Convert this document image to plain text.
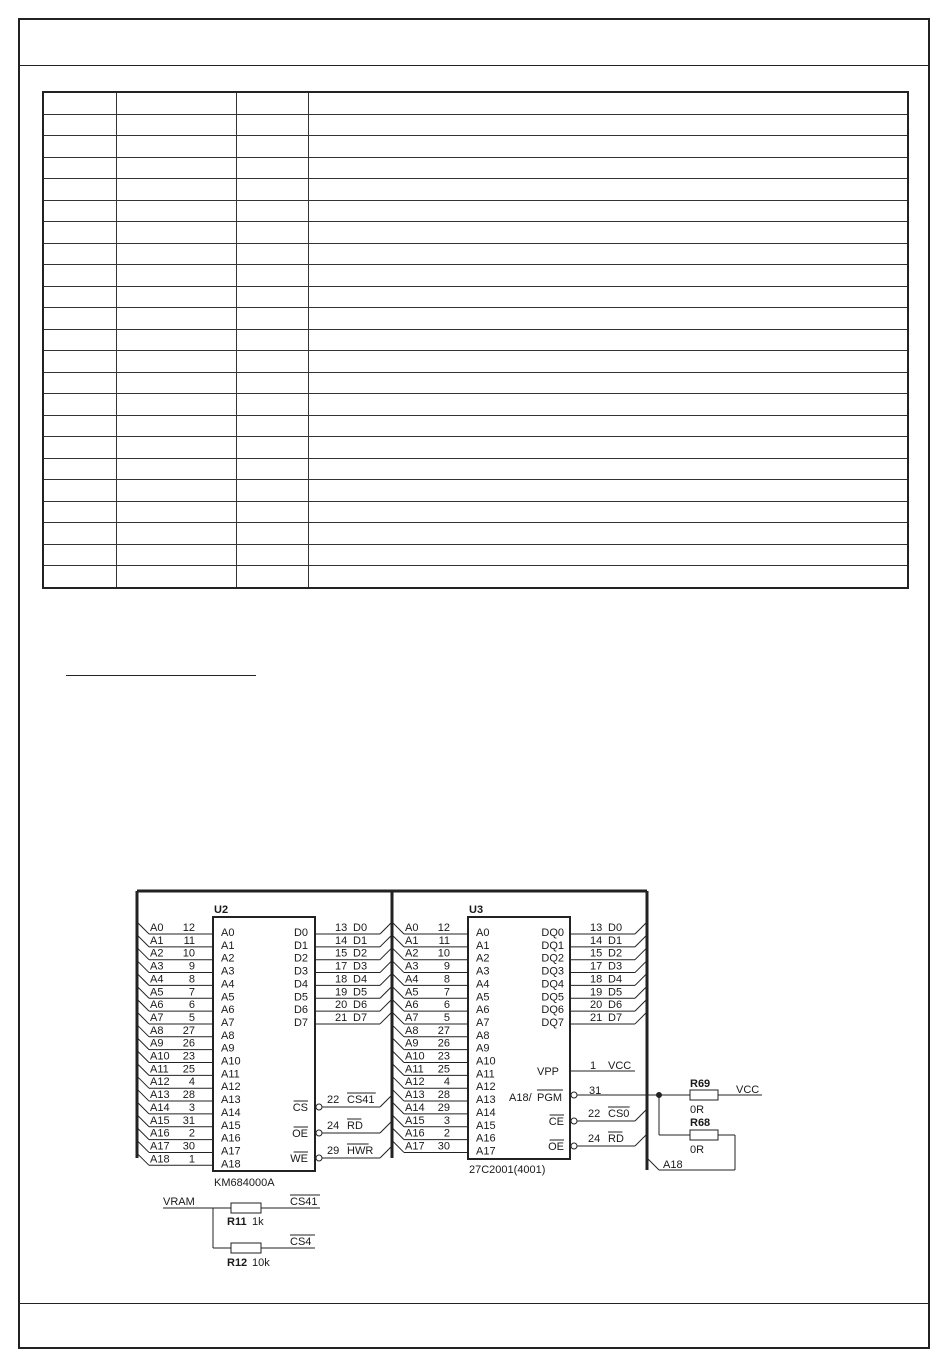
A0 12 A0
A1 11 A1
A2 10 A2
A3 9 A3
A4 8 A4
A5 7 A5
A6 6 A6
A7 5 A7
A8 27 A8
A9 26 A9
A10 23 A10
A11 25 A11
A12 4 A12
A13 28 A13
A14 3 A14
A15 31 A15
A16 2 A16
A17 30 A17
A18 1 A18
A0 12 A0
A1 11 A1
A2 10 A2
A3 9 A3
A4 8 A4
A5 7 A5
A6 6 A6
A7 5 A7
A8 27 A8
A9 26 A9
A10 23 A10
A11 25 A11
A12 4 A12
A13 28 A13
A14 29 A14
A15 3 A15
A16 2 A16
A17 30 A17
D0 13 D0
D1 14 D1
D2 15 D2
D3 17 D3
D4 18 D4
D5 19 D5
D6 20 D6
D7 21 D7
DQ0 13 D0
DQ1 14 D1
DQ2 15 D2
DQ3 17 D3
DQ4 18 D4
DQ5 19 D5
DQ6 20 D6
DQ7 21 D7
CS
22 CS41
OE
24 RD
WE
29 HWR
CE
22 CS0
OE
24 RD
U2
KM684000A
U3
27C2001(4001)
VPP	1 VCC
A18/ PGM
31
R69
0R
VCC
R68
0R
A18
VRAM
R11 1k
CS41
R12 10k
CS4
